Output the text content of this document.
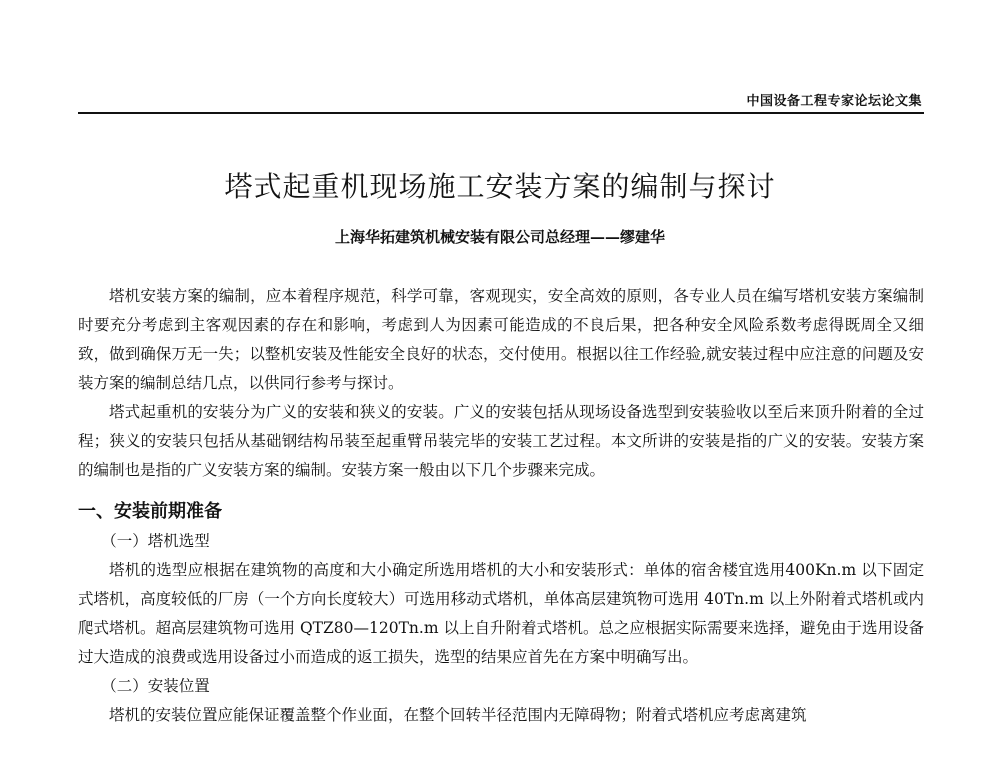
中国设备工程专家论坛论文集
塔式起重机现场施工安装方案的编制与探讨
上海华拓建筑机械安装有限公司总经理——缪建华

塔机安装方案的编制，应本着程序规范，科学可靠，客观现实，安全高效的原则，各专业人员在编写塔机安装方案编制时要充分考虑到主客观因素的存在和影响，考虑到人为因素可能造成的不良后果，把各种安全风险系数考虑得既周全又细致，做到确保万无一失；以整机安装及性能安全良好的状态，交付使用。根据以往工作经验,就安装过程中应注意的问题及安装方案的编制总结几点，以供同行参考与探讨。

塔式起重机的安装分为广义的安装和狭义的安装。广义的安装包括从现场设备选型到安装验收以至后来顶升附着的全过程；狭义的安装只包括从基础钢结构吊装至起重臂吊装完毕的安装工艺过程。本文所讲的安装是指的广义的安装。安装方案的编制也是指的广义安装方案的编制。安装方案一般由以下几个步骤来完成。

一、安装前期准备

（一）塔机选型

塔机的选型应根据在建筑物的高度和大小确定所选用塔机的大小和安装形式：单体的宿舍楼宜选用400Kn.m 以下固定式塔机，高度较低的厂房（一个方向长度较大）可选用移动式塔机，单体高层建筑物可选用 40Tn.m 以上外附着式塔机或内爬式塔机。超高层建筑物可选用 QTZ80—120Tn.m 以上自升附着式塔机。总之应根据实际需要来选择，避免由于选用设备过大造成的浪费或选用设备过小而造成的返工损失，选型的结果应首先在方案中明确写出。

（二）安装位置

塔机的安装位置应能保证覆盖整个作业面，在整个回转半径范围内无障碍物；附着式塔机应考虑离建筑
